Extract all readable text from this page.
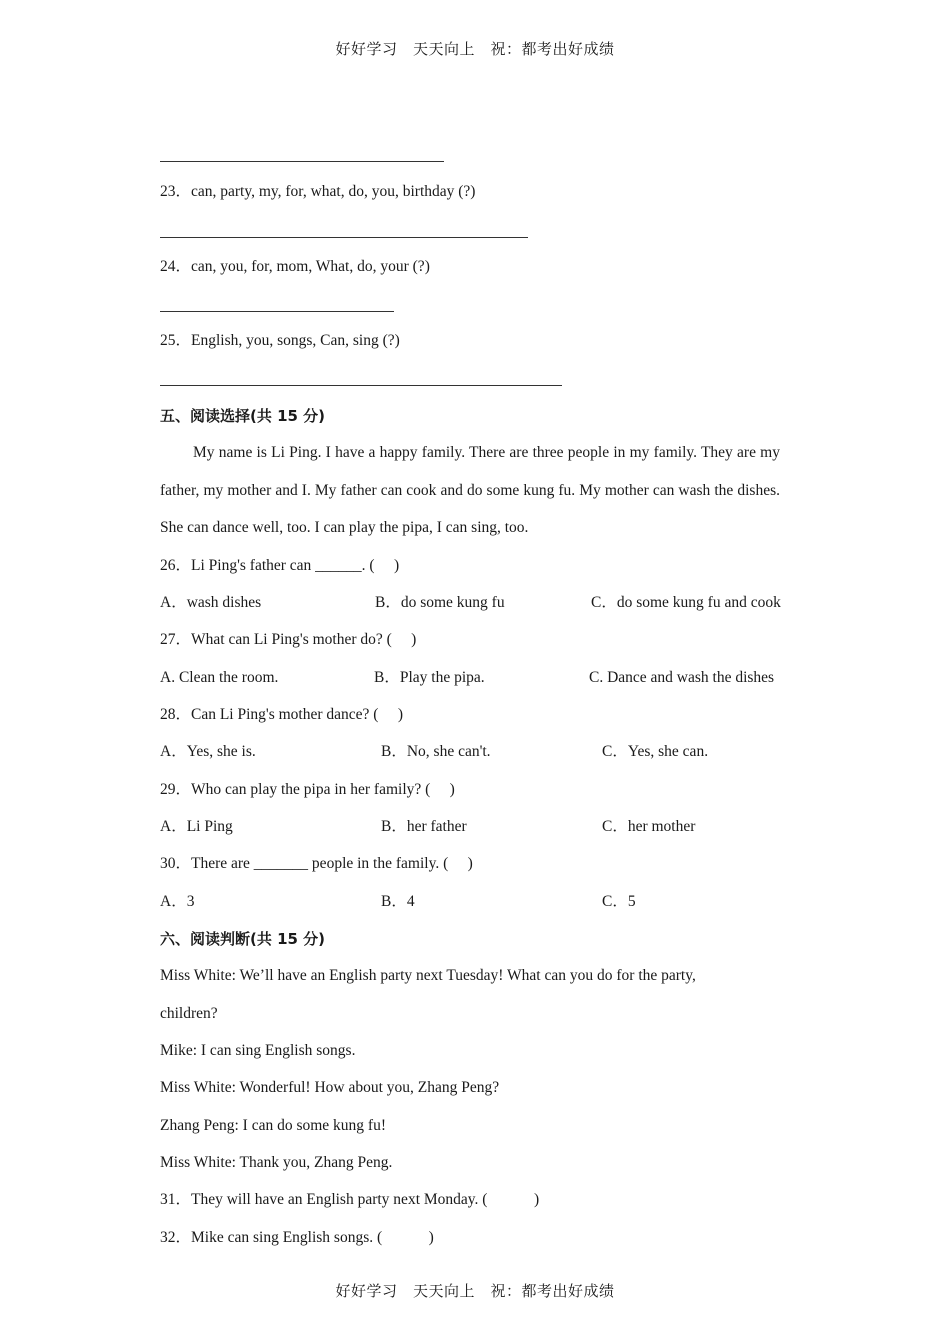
好好学习　天天向上　祝：都考出好成绩
23．can, party, my, for, what, do, you, birthday (?)
24．can, you, for, mom, What, do, your (?)
25．English, you, songs, Can, sing (?)
五、阅读选择(共 15 分)
My name is Li Ping. I have a happy family. There are three people in my family. They are my father, my mother and I. My father can cook and do some kung fu. My mother can wash the dishes. She can dance well, too. I can play the pipa, I can sing, too.
26．Li Ping's father can ______. (　 )
A．wash dishes	B．do some kung fu	C．do some kung fu and cook
27．What can Li Ping's mother do? (　 )
A. Clean the room.	B．Play the pipa.	C. Dance and wash the dishes
28．Can Li Ping's mother dance? (　 )
A．Yes, she is.	B．No, she can't.	C．Yes, she can.
29．Who can play the pipa in her family? (　 )
A．Li Ping	B．her father	C．her mother
30．There are _______ people in the family. (　 )
A．3	B．4	C．5
六、阅读判断(共 15 分)
Miss White: We’ll have an English party next Tuesday! What can you do for the party,
children?
Mike: I can sing English songs.
Miss White: Wonderful! How about you, Zhang Peng?
Zhang Peng: I can do some kung fu!
Miss White: Thank you, Zhang Peng.
31．They will have an English party next Monday. (　　　)
32．Mike can sing English songs. (　　　)
好好学习　天天向上　祝：都考出好成绩
